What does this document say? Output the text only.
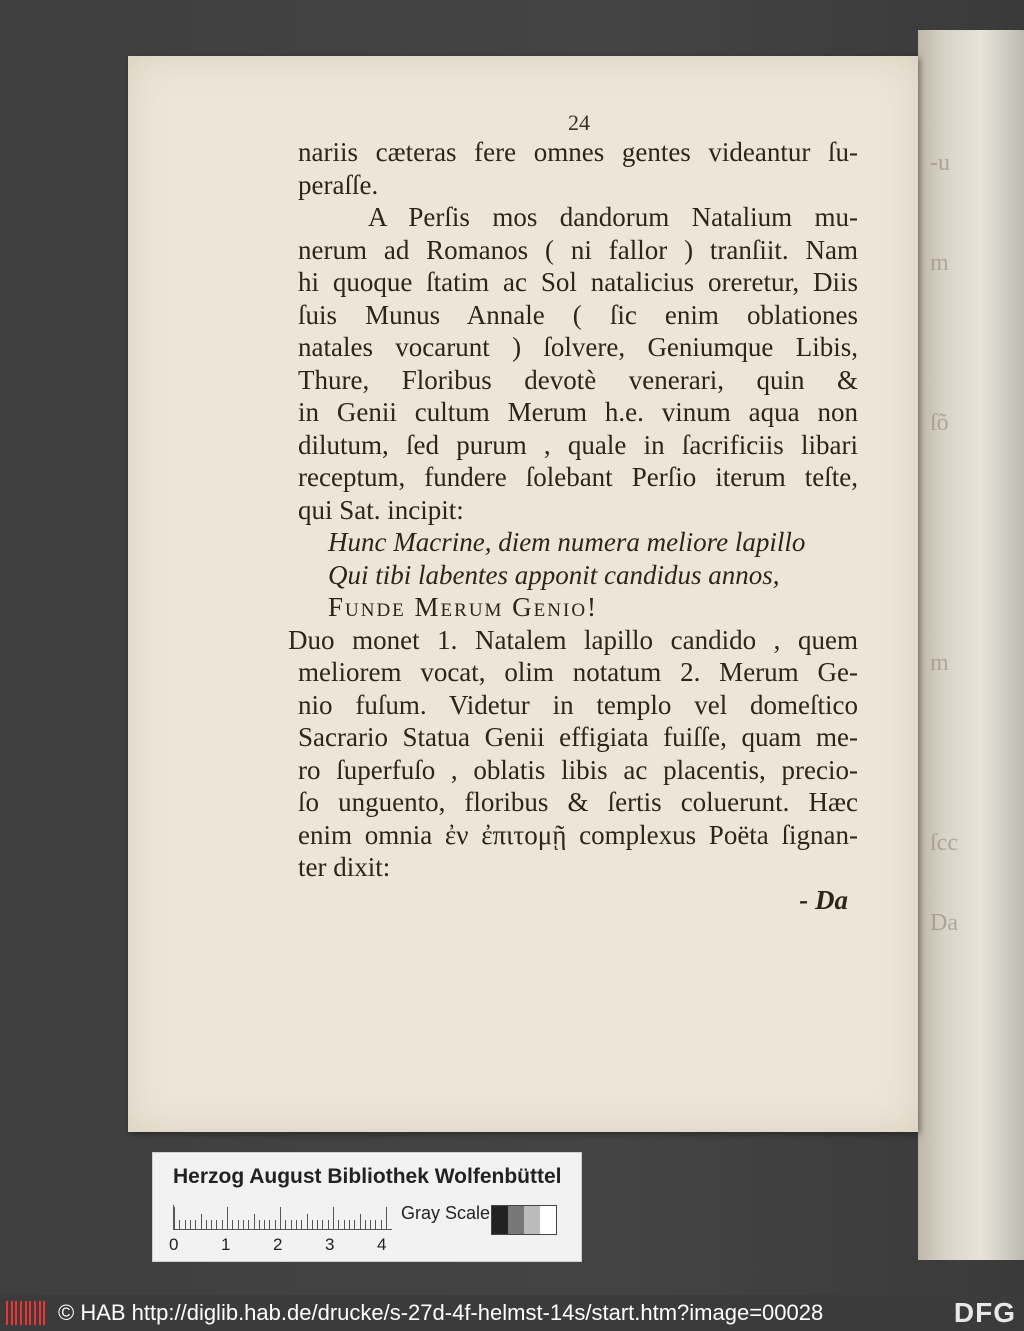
-u
m
ſõ
m
ſcc
Da
24
nariis cæteras fere omnes gentes videantur ſu-
peraſſe.
A Perſis mos dandorum Natalium mu-
nerum ad Romanos ( ni fallor ) tranſiit. Nam
hi quoque ſtatim ac Sol natalicius oreretur, Diis
ſuis Munus Annale ( ſic enim oblationes
natales vocarunt ) ſolvere, Geniumque Libis,
Thure, Floribus devotè venerari, quin &
in Genii cultum Merum h.e. vinum aqua non
dilutum, ſed purum , quale in ſacrificiis libari
receptum, fundere ſolebant Perſio iterum teſte,
qui Sat. incipit:
Hunc Macrine, diem numera meliore lapillo
Qui tibi labentes apponit candidus annos,
Funde Merum Genio!
Duo monet 1. Natalem lapillo candido , quem
meliorem vocat, olim notatum 2. Merum Ge-
nio fuſum. Videtur in templo vel domeſtico
Sacrario Statua Genii effigiata fuiſſe, quam me-
ro ſuperfuſo , oblatis libis ac placentis, precio-
ſo unguento, floribus & ſertis coluerunt. Hæc
enim omnia ἐν ἐπιτομῇ complexus Poëta ſignan-
ter dixit:
- Da
Herzog August Bibliothek Wolfenbüttel
0	1	2	3	4
Gray Scale
© HAB http://diglib.hab.de/drucke/s-27d-4f-helmst-14s/start.htm?image=00028	DFG
